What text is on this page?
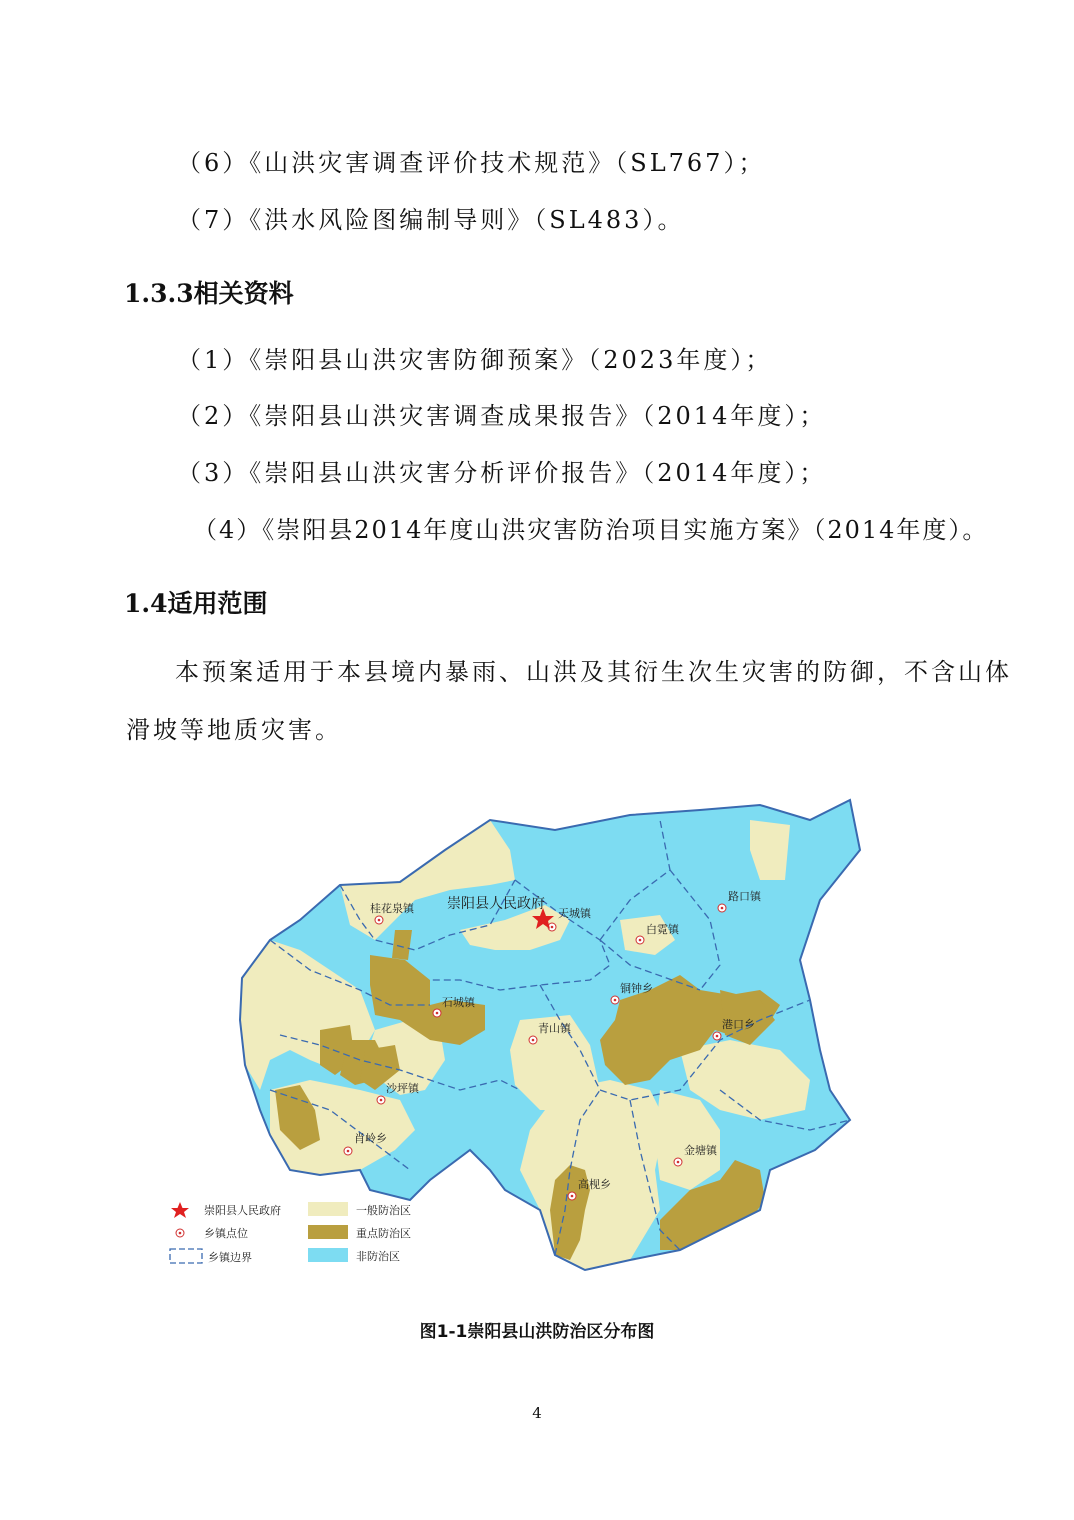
（6）《山洪灾害调查评价技术规范》（SL767）；
（7）《洪水风险图编制导则》（SL483）。
1.3.3相关资料
（1）《崇阳县山洪灾害防御预案》（2023年度）；
（2）《崇阳县山洪灾害调查成果报告》（2014年度）；
（3）《崇阳县山洪灾害分析评价报告》（2014年度）；
（4）《崇阳县2014年度山洪灾害防治项目实施方案》（2014年度）。
1.4适用范围
本预案适用于本县境内暴雨、山洪及其衍生次生灾害的防御，不含山体
滑坡等地质灾害。
崇阳县人民政府
桂花泉镇	天城镇
白霓镇
路口镇
铜钟乡
石城镇
青山镇	港口乡
沙坪镇
肖岭乡
金塘镇
高枧乡
崇阳县人民政府
乡镇点位
乡镇边界
一般防治区
重点防治区
非防治区
图1-1崇阳县山洪防治区分布图
4
